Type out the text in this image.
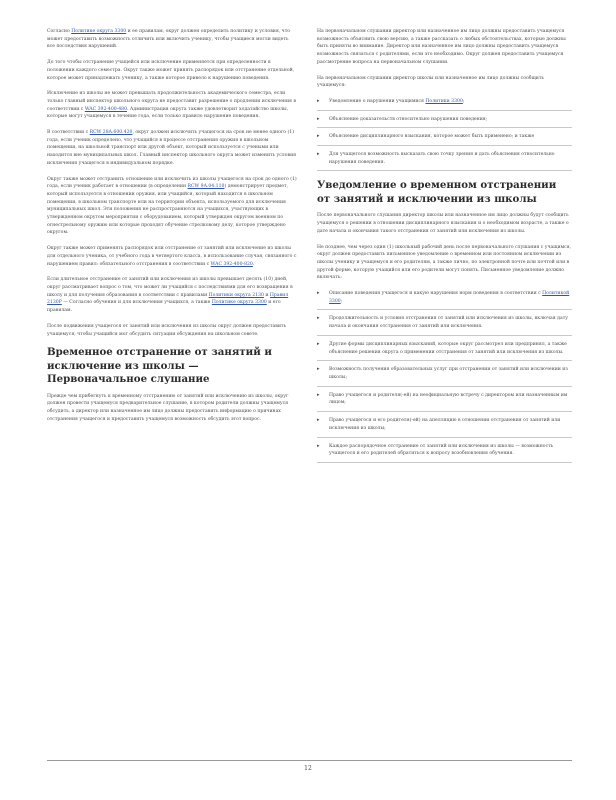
Согласно Политике округа 3300 и ее правилам, округ должен определить политику и условия, что может предоставить возможность отличить или включить ученику, чтобы учащиеся могли видеть все последствия нарушений.

До того чтобы отстранение учащейся или исключение применяется при определенности в положении каждого семестра. Округ также может принять распорядок или отстранение отдельной, которое может принадлежать ученику, а также которое привело к нарушению поведения.

Исключение из школы не может превышать продолжительность академического семестра, если только главный инспектор школьного округа не предоставит разрешение о продлении исключения в соответствии с WAC 392-400-480. Администрация округа также удовлетворит ходатайство школы, которые могут учащемуся в течение года, если только правило нарушение поведения.

В соответствии с RCW 28A.600.420, округ должен исключить учащегося на срок не менее одного (1) года, если ученик определено, что учащийся в процессе отстранения оружия в школьном помещении, на школьной транспорт или другой объект, который используется с учеными или находится вне муниципальных школ. Главный инспектор школьного округа может изменить условия исключения учащегося в индивидуальном порядке.

Округ также может отстранить отношение или исключить из школы учащегося на срок до одного (1) года, если ученик работает в отношении (в определении RCW 9A.04.110) демонстрирует предмет, который используется в отношении оружия, или учащийся, который находится в школьном помещении, в школьном транспорте или на территории объекта, используемого для исключения муниципальных школ. Эти положения не распространяются на учащихся, участвующих в утвержденном округом мероприятии с оборудованием, который утвержден округом военном по огнестрельному оружию или которые проходят обучение стрелковому делу, которое утверждено округом.

Округ также может применять распорядок или отстранение от занятий или исключение из школы для отдельного ученика, от учебного года в четвертого класса, в использование случая, связанного с нарушением правил: обязательного отстранения в соответствии с WAC 392-400-820.

Если длительное отстранение от занятий или исключения из школы превышает десять (10) дней, округ рассматривает вопрос о том, что может ли учащийся с последствиями для его возвращения в школу и для получения образования в соответствии с правилами Политики округа 2130 и Правил 2130P — Согласно обучения и для исключения учащихся, а также Политике округа 3300 и его правилам.

После подвижения учащегося от занятий или исключения из школы округ должен предоставить учащемуся, чтобы учащийся мог обсудить ситуации обсуждения на школьном совете.

Временное отстранение от занятий и исключение из школы — Первоначальное слушание

Прежде чем прибегнуть к временному отстранению от занятий или исключению из школы, округ должен провести учащемуся предварительное слушание, в котором родители должны учащемуся обсудить, а директор или назначенное им лицо должны предоставить информацию о причинах отстранения учащегося и предоставить учащемуся возможность обсудить этот вопрос.

На первоначальном слушании директор или назначенное им лицо должны предоставить учащемуся возможность объяснить свою версию, а также рассказать о любых обстоятельствах, которые должны быть приняты во внимание. Директор или назначенное им лицо должны предоставить учащемуся возможность связаться с родителями, если это необходимо. Округ должен предоставить учащемуся рассмотрение вопроса на первоначальном слушании.

На первоначальном слушании директор школы или назначенное им лицо должны сообщить учащемуся:

▸ Уведомление о нарушении учащимися Политики 3300;
▸ Объяснение доказательств относительно нарушения поведения;
▸ Объяснение дисциплинарного взыскания, которое может быть применено; и также
▸ Для учащегося возможность высказать свою точку зрения и дать объяснения относительно нарушения поведения.
Уведомление о временном отстранении от занятий и исключении из школы

После первоначального слушания директор школы или назначенное им лицо должны будут сообщить учащемуся о решении в отношении дисциплинарного взыскания и о необходимом возрасте, а также о дате начала и окончания такого отстранения от занятий или исключения из школы.

Не позднее, чем через один (1) школьный рабочий день после первоначального слушания с учащимся, округ должен предоставить письменное уведомление о временном или постоянном исключении из школы ученику и учащемуся и его родителям, а также лично, по электронной почте или почтой или в другой форме, которую учащийся или его родители могут понять. Письменное уведомление должно включать:

▸ Описание поведения учащегося и какую нарушения норм поведения в соответствии с Политикой 3300;
▸ Продолжительность и условия отстранения от занятий или исключения из школы, включая дату начала и окончания отстранения от занятий или исключения.
▸ Другие формы дисциплинарных взысканий, которые округ рассмотрел или предпринял, а также объяснение решения округа о применении отстранения от занятий или исключения из школы.
▸ Возможность получения образовательных услуг при отстранении от занятий или исключении из школы;
▸ Право учащегося и родителя(-ей) на неофициальную встречу с директором или назначенным им лицом;
▸ Право учащегося и его родителя(-ей) на апелляцию в отношении отстранения от занятий или исключения из школы;
▸ Каждое распорядочное отстранение от занятий или исключения из школы — возможность учащегося и его родителей обратиться к вопросу возобновления обучения.
12
